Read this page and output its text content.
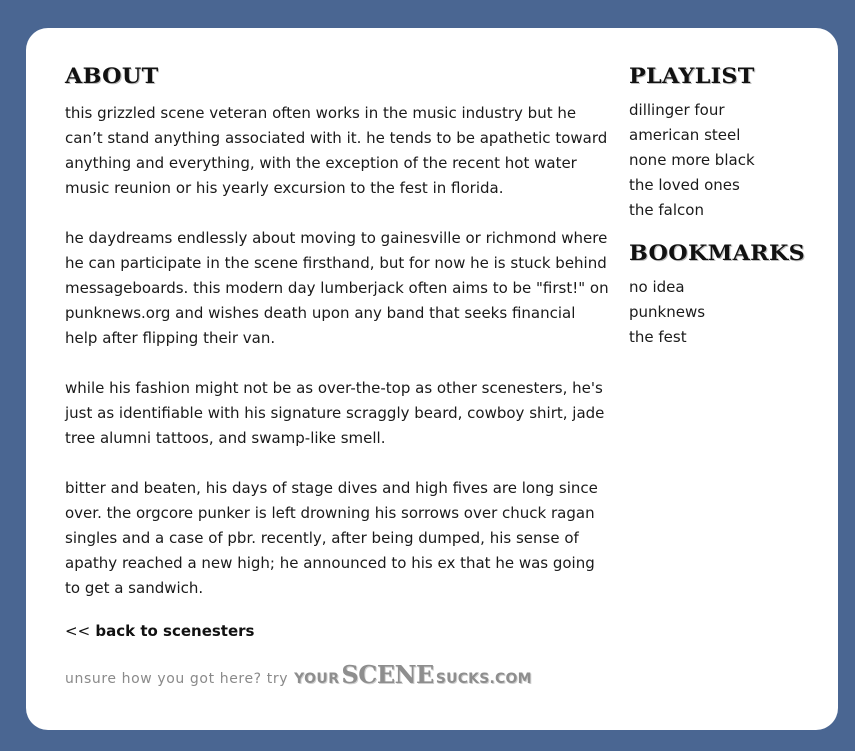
ABOUT

this grizzled scene veteran often works in the music industry but he can’t stand anything associated with it. he tends to be apathetic toward anything and everything, with the exception of the recent hot water music reunion or his yearly excursion to the fest in florida.

he daydreams endlessly about moving to gainesville or richmond where he can participate in the scene firsthand, but for now he is stuck behind messageboards. this modern day lumberjack often aims to be "first!" on punknews.org and wishes death upon any band that seeks financial help after flipping their van.

while his fashion might not be as over-the-top as other scenesters, he's just as identifiable with his signature scraggly beard, cowboy shirt, jade tree alumni tattoos, and swamp-like smell.

bitter and beaten, his days of stage dives and high fives are long since over. the orgcore punker is left drowning his sorrows over chuck ragan singles and a case of pbr. recently, after being dumped, his sense of apathy reached a new high; he announced to his ex that he was going to get a sandwich.

<< back to scenesters
unsure how you got here? try YOUR SCENE SUCKS.COM
PLAYLIST
dillinger four
american steel
none more black
the loved ones
the falcon
BOOKMARKS
no idea
punknews
the fest
